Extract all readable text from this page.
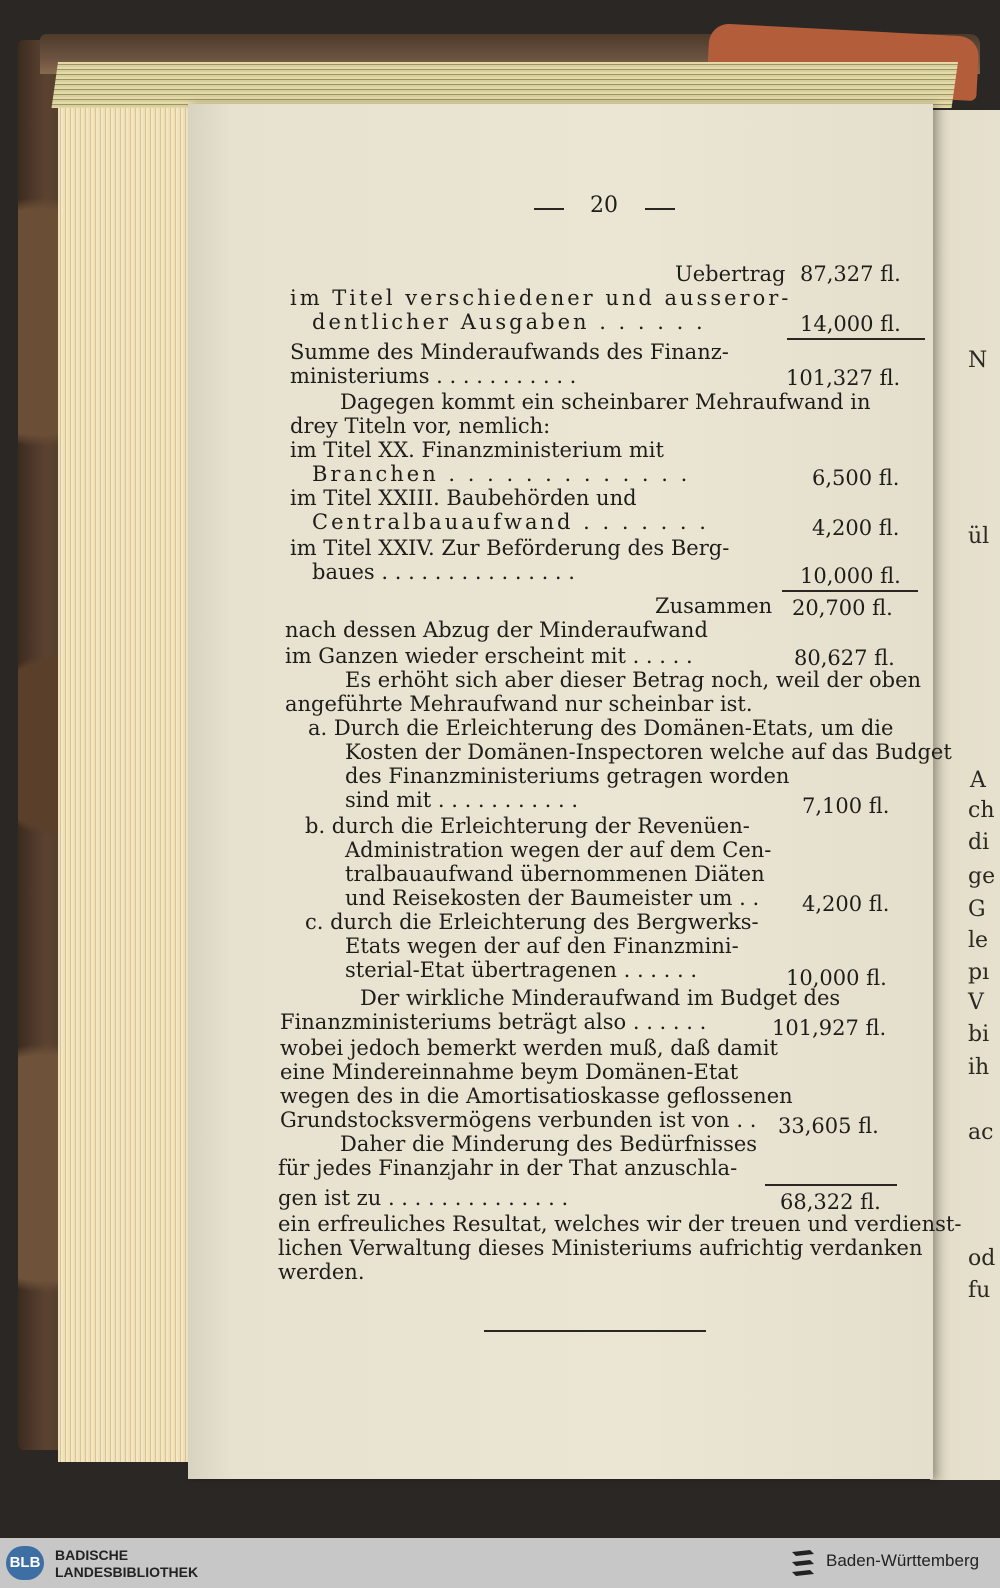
N
ül
A
ch
di
ge
G
le
pı
V
bi
ih
ac
od
fu
20
Uebertrag 87,327 fl.
im Titel verschiedener und ausseror-
dentlicher Ausgaben . . . . . .	14,000 fl.
Summe des Minderaufwands des Finanz-
ministeriums . . . . . . . . . . .	101,327 fl.
Dagegen kommt ein scheinbarer Mehraufwand in
drey Titeln vor, nemlich:
im Titel XX. Finanzministerium mit
Branchen . . . . . . . . . . . . .	6,500 fl.
im Titel XXIII. Baubehörden und
Centralbauaufwand . . . . . . .	4,200 fl.
im Titel XXIV. Zur Beförderung des Berg-
baues . . . . . . . . . . . . . . .	10,000 fl.
Zusammen 20,700 fl.
nach dessen Abzug der Minderaufwand
im Ganzen wieder erscheint mit . . . . .	80,627 fl.
Es erhöht sich aber dieser Betrag noch, weil der oben
angeführte Mehraufwand nur scheinbar ist.
a. Durch die Erleichterung des Domänen-Etats, um die
Kosten der Domänen-Inspectoren welche auf das Budget
des Finanzministeriums getragen worden
sind mit . . . . . . . . . . .	7,100 fl.
b. durch die Erleichterung der Revenüen-
Administration wegen der auf dem Cen-
tralbauaufwand übernommenen Diäten
und Reisekosten der Baumeister um . . 4,200 fl.
c. durch die Erleichterung des Bergwerks-
Etats wegen der auf den Finanzmini-
sterial-Etat übertragenen . . . . . .	10,000 fl.
Der wirkliche Minderaufwand im Budget des
Finanzministeriums beträgt also . . . . . .	101,927 fl.
wobei jedoch bemerkt werden muß, daß damit
eine Mindereinnahme beym Domänen-Etat
wegen des in die Amortisatioskasse geflossenen
Grundstocksvermögens verbunden ist von . . 33,605 fl.
Daher die Minderung des Bedürfnisses
für jedes Finanzjahr in der That anzuschla-
gen ist zu . . . . . . . . . . . . . .	68,322 fl.
ein erfreuliches Resultat, welches wir der treuen und verdienst-
lichen Verwaltung dieses Ministeriums aufrichtig verdanken
werden.
BLB BADISCHE
LANDESBIBLIOTHEK
Baden-Württemberg
